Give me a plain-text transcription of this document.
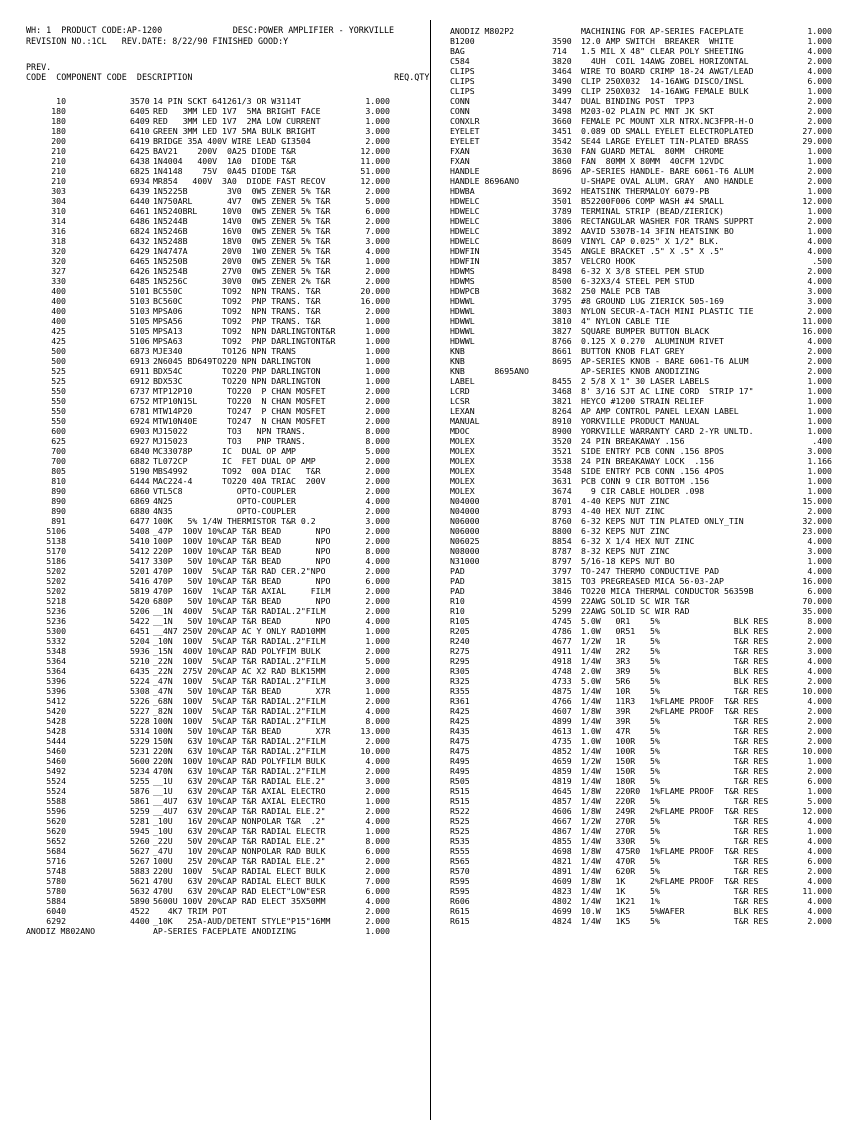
WH: 1  PRODUCT CODE:AP-1200              DESC:POWER AMPLIFIER - YORKVILLE
REVISION NO.:1CL   REV.DATE: 8/22/90 FINISHED GOOD:Y
PREV.
CODE  COMPONENT CODE  DESCRIPTION                                        REQ.QTY
10	3570 14 PIN SCKT 641261/3 OR W3114T	1.000
180	6405 RED   3MM LED 1V7  5MA BRIGHT FACE	3.000
180	6409 RED   3MM LED 1V7  2MA LOW CURRENT	1.000
180	6410 GREEN 3MM LED 1V7 5MA BULK BRIGHT	3.000
200	6419 BRIDGE 35A 400V WIRE LEAD GI3504	2.000
210	6425 BAV21    200V  0A25 DIODE T&R	12.000
210	6438 1N4004   400V  1A0  DIODE T&R	11.000
210	6825 1N4148    75V  0A45 DIODE T&R	51.000
210	6934 MR854   400V  3A0  DIODE FAST RECOV	12.000
303	6439 1N5225B        3V0  0W5 ZENER 5% T&R	2.000
304	6440 1N750ARL       4V7  0W5 ZENER 5% T&R	5.000
310	6461 1N5240BRL     10V0  0W5 ZENER 5% T&R	6.000
314	6486 1N5244B       14V0  0W5 ZENER 5% T&R	2.000
316	6824 1N5246B       16V0  0W5 ZENER 5% T&R	7.000
318	6432 1N5248B       18V0  0W5 ZENER 5% T&R	3.000
320	6429 1N4747A       20V0  1W0 ZENER 5% T&R	4.000
320	6465 1N5250B       20V0  0W5 ZENER 5% T&R	1.000
327	6426 1N5254B       27V0  0W5 ZENER 5% T&R	2.000
330	6485 1N5256C       30V0  0W5 ZENER 2% T&R	2.000
400	5101 BC550C        TO92  NPN TRANS. T&R	20.000
400	5103 BC560C        TO92  PNP TRANS. T&R	16.000
400	5103 MPSA06        TO92  NPN TRANS. T&R	2.000
400	5105 MPSA56        TO92  PNP TRANS. T&R	1.000
425	5105 MPSA13        TO92  NPN DARLINGTONT&R	1.000
425	5106 MPSA63        TO92  PNP DARLINGTONT&R	1.000
500	6873 MJE340        TO126 NPN TRANS	1.000
500	6913 2N6045 BD649TO220 NPN DARLINGTON	1.000
525	6911 BDX54C        TO220 PNP DARLINGTON	1.000
525	6912 BDX53C        TO220 NPN DARLINGTON	1.000
550	6737 MTP12P10       TO220  P CHAN MOSFET	2.000
550	6752 MTP10N15L      TO220  N CHAN MOSFET	2.000
550	6781 MTW14P20       TO247  P CHAN MOSFET	2.000
550	6924 MTW10N40E      TO247  N CHAN MOSFET	2.000
600	6903 MJ15022        TO3   NPN TRANS.	8.000
625	6927 MJ15023        TO3   PNP TRANS.	8.000
700	6840 MC33078P      IC  DUAL OP AMP	5.000
700	6882 TL072CP       IC  FET DUAL OP AMP	2.000
805	5190 MBS4992       TO92  00A DIAC   T&R	2.000
810	6444 MAC224-4      TO220 40A TRIAC  200V	2.000
890	6860 VTL5C8           OPTO-COUPLER	2.000
890	6869 4N25             OPTO-COUPLER	4.000
890	6880 4N35             OPTO-COUPLER	2.000
891	6477 100K   5% 1/4W THERMISTOR T&R 0.2	3.000
5106	5408 _47P  100V 10%CAP T&R BEAD       NPO	2.000
5138	5410 100P  100V 10%CAP T&R BEAD       NPO	2.000
5170	5412 220P  100V 10%CAP T&R BEAD       NPO	8.000
5186	5417 330P   50V 10%CAP T&R BEAD       NPO	4.000
5202	5201 470P  100V  5%CAP T&R RAD CER.2"NPO	2.000
5202	5416 470P   50V 10%CAP T&R BEAD       NPO	6.000
5202	5819 470P  160V  1%CAP T&R AXIAL     FILM	2.000
5218	5420 680P   50V 10%CAP T&R BEAD       NPO	2.000
5236	5206 __1N  400V  5%CAP T&R RADIAL.2"FILM	2.000
5236	5422 __1N   50V 10%CAP T&R BEAD       NPO	4.000
5300	6451 __4N7 250V 20%CAP AC Y ONLY RAD10MM	1.000
5332	5204 _10N  100V  5%CAP T&R RADIAL.2"FILM	1.000
5348	5936 _15N  400V 10%CAP RAD POLYFIM BULK	2.000
5364	5210 _22N  100V  5%CAP T&R RADIAL.2"FILM	5.000
5364	6435 _22N  275V 20%CAP AC X2 RAD BLK15MM	2.000
5396	5224 _47N  100V  5%CAP T&R RADIAL.2"FILM	3.000
5396	5308 _47N   50V 10%CAP T&R BEAD       X7R	1.000
5412	5226 _68N  100V  5%CAP T&R RADIAL.2"FILM	2.000
5420	5227 _82N  100V  5%CAP T&R RADIAL.2"FILM	4.000
5428	5228 100N  100V  5%CAP T&R RADIAL.2"FILM	8.000
5428	5314 100N   50V 10%CAP T&R BEAD       X7R	13.000
5444	5229 150N   63V 10%CAP T&R RADIAL.2"FILM	2.000
5460	5231 220N   63V 10%CAP T&R RADIAL.2"FILM	10.000
5460	5600 220N  100V 10%CAP RAD POLYFILM BULK	4.000
5492	5234 470N   63V 10%CAP T&R RADIAL.2"FILM	2.000
5524	5255 __1U   63V 20%CAP T&R RADIAL ELE.2"	3.000
5524	5876 __1U   63V 20%CAP T&R AXIAL ELECTRO	2.000
5588	5861 __4U7  63V 10%CAP T&R AXIAL ELECTRO	1.000
5596	5259 __4U7  63V 20%CAP T&R RADIAL ELE.2"	2.000
5620	5281 _10U   16V 20%CAP NONPOLAR T&R  .2"	4.000
5620	5945 _10U   63V 20%CAP T&R RADIAL ELECTR	1.000
5652	5260 _22U   50V 20%CAP T&R RADIAL ELE.2"	8.000
5684	5627 _47U   10V 20%CAP NONPOLAR RAD BULK	6.000
5716	5267 100U   25V 20%CAP T&R RADIAL ELE.2"	2.000
5748	5883 220U  100V  5%CAP RADIAL ELECT BULK	2.000
5780	5621 470U   63V 20%CAP RADIAL ELECT BULK	7.000
5780	5632 470U   63V 20%CAP RAD ELECT"LOW"ESR	6.000
5884	5890 5600U 100V 20%CAP RAD ELECT 35X50MM	4.000
6040	4522 4K7 TRIM POT	2.000
6292	4400 _10K   25A-AUD/DETENT STYLE"P15"16MM	2.000
ANODIZ M802ANO	AP-SERIES FACEPLATE ANODIZING	1.000
ANODIZ M802P2	MACHINING FOR AP-SERIES FACEPLATE	1.000
B1200	3590 12.0 AMP SWITCH  BREAKER  WHITE	1.000
BAG	714 1.5 MIL X 48" CLEAR POLY SHEETING	4.000
C584	3820 4UH  COIL 14AWG ZOBEL HORIZONTAL	2.000
CLIPS	3464 WIRE TO BOARD CRIMP 18-24 AWGT/LEAD	4.000
CLIPS	3490 CLIP 250X032  14-16AWG DISCO/INSL	6.000
CLIPS	3499 CLIP 250X032  14-16AWG FEMALE BULK	1.000
CONN	3447 DUAL BINDING POST  TPP3	2.000
CONN	3498 M203-02 PLAIN PC MNT JK SKT	2.000
CONXLR	3660 FEMALE PC MOUNT XLR NTRX.NC3FPR-H-O	2.000
EYELET	3451 0.089 OD SMALL EYELET ELECTROPLATED	27.000
EYELET	3542 SE44 LARGE EYELET TIN-PLATED BRASS	29.000
FXAN	3630 FAN GUARD METAL  80MM  CHROME	1.000
FXAN	3860 FAN  80MM X 80MM  40CFM 12VDC	1.000
HANDLE	8696 AP-SERIES HANDLE- BARE 6061-T6 ALUM	2.000
HANDLE 8696ANO	U-SHAPE OVAL ALUM. GRAY  ANO HANDLE	2.000
HDWBA	3692 HEATSINK THERMALOY 6079-PB	1.000
HDWELC	3501 B52200F006 COMP WASH #4 SMALL	12.000
HDWELC	3789 TERMINAL STRIP (BEAD/ZIERICK)	1.000
HDWELC	3806 RECTANGULAR WASHER FOR TRANS SUPPRT	2.000
HDWELC	3892 AAVID 5307B-14 3FIN HEATSINK BO	1.000
HDWELC	8609 VINYL CAP 0.025" X 1/2" BLK.	4.000
HDWFIN	3545 ANGLE BRACKET .5" X .5" X .5"	4.000
HDWFIN	3857 VELCRO HOOK	.500
HDWMS	8498 6-32 X 3/8 STEEL PEM STUD	2.000
HDWMS	8500 6-32X3/4 STEEL PEM STUD	4.000
HDWPCB	3682 250 MALE PCB TAB	3.000
HDWWL	3795 #8 GROUND LUG ZIERICK 505-169	3.000
HDWWL	3803 NYLON SECUR-A-TACH MINI PLASTIC TIE	2.000
HDWWL	3810 4" NYLON CABLE TIE	11.000
HDWWL	3827 SQUARE BUMPER BUTTON BLACK	16.000
HDWWL	8766 0.125 X 0.270  ALUMINUM RIVET	4.000
KNB	8661 BUTTON KNOB FLAT GREY	2.000
KNB	8695 AP-SERIES KNOB - BARE 6061-T6 ALUM	2.000
KNB      8695ANO	AP-SERIES KNOB ANODIZING	2.000
LABEL	8455 2 5/8 X 1" 30 LASER LABELS	1.000
LCRD	3468 8' 3/16 SJT AC LINE CORD  STRIP 17"	1.000
LCSR	3821 HEYCO #1200 STRAIN RELIEF	1.000
LEXAN	8264 AP AMP CONTROL PANEL LEXAN LABEL	1.000
MANUAL	8910 YORKVILLE PRODUCT MANUAL	1.000
MDOC	8900 YORKVILLE WARRANTY CARD 2-YR UNLTD.	1.000
MOLEX	3520 24 PIN BREAKAWAY .156	.400
MOLEX	3521 SIDE ENTRY PCB CONN .156 8POS	3.000
MOLEX	3538 24 PIN BREAKAWAY LOCK  .156	1.166
MOLEX	3548 SIDE ENTRY PCB CONN .156 4POS	1.000
MOLEX	3631 PCB CONN 9 CIR BOTTOM .156	1.000
MOLEX	3674 9 CIR CABLE HOLDER .098	1.000
N04000	8701 4-40 KEPS NUT ZINC	15.000
N04000	8793 4-40 HEX NUT ZINC	2.000
N06000	8760 6-32 KEPS NUT TIN PLATED ONLY_TIN	32.000
N06000	8800 6-32 KEPS NUT ZINC	23.000
N06025	8854 6-32 X 1/4 HEX NUT ZINC	4.000
N08000	8787 8-32 KEPS NUT ZINC	3.000
N31000	8797 5/16-18 KEPS NUT BO	1.000
PAD	3797 TO-247 THERMO CONDUCTIVE PAD	4.000
PAD	3815 TO3 PREGREASED MICA 56-03-2AP	16.000
PAD	3846 TO220 MICA THERMAL CONDUCTOR 56359B	6.000
R10	4599 22AWG SOLID SC WIR T&R	70.000
R10	5299 22AWG SOLID SC WIR RAD	35.000
R105	4745 5.0W   0R1    5%               BLK RES	8.000
R205	4786 1.0W   0R51   5%               BLK RES	2.000
R240	4677 1/2W   1R     5%               T&R RES	2.000
R275	4911 1/4W   2R2    5%               T&R RES	3.000
R295	4918 1/4W   3R3    5%               T&R RES	4.000
R305	4748 2.0W   3R9    5%               BLK RES	4.000
R325	4733 5.0W   5R6    5%               BLK RES	2.000
R355	4875 1/4W   10R    5%               T&R RES	10.000
R361	4766 1/4W   11R3   1%FLAME PROOF  T&R RES	4.000
R425	4607 1/8W   39R    2%FLAME PROOF  T&R RES	2.000
R425	4899 1/4W   39R    5%               T&R RES	2.000
R435	4613 1.0W   47R    5%               T&R RES	2.000
R475	4735 1.0W   100R   5%               T&R RES	2.000
R475	4852 1/4W   100R   5%               T&R RES	10.000
R495	4659 1/2W   150R   5%               T&R RES	1.000
R495	4859 1/4W   150R   5%               T&R RES	2.000
R505	4819 1/4W   180R   5%               T&R RES	6.000
R515	4645 1/8W   220R0  1%FLAME PROOF  T&R RES	1.000
R515	4857 1/4W   220R   5%               T&R RES	5.000
R522	4606 1/8W   249R   2%FLAME PROOF  T&R RES	12.000
R525	4667 1/2W   270R   5%               T&R RES	4.000
R525	4867 1/4W   270R   5%               T&R RES	1.000
R535	4855 1/4W   330R   5%               T&R RES	4.000
R555	4698 1/8W   475R0  1%FLAME PROOF  T&R RES	4.000
R565	4821 1/4W   470R   5%               T&R RES	6.000
R570	4891 1/4W   620R   5%               T&R RES	2.000
R595	4609 1/8W   1K     2%FLAME PROOF  T&R RES	4.000
R595	4823 1/4W   1K     5%               T&R RES	11.000
R606	4802 1/4W   1K21   1%               T&R RES	4.000
R615	4699 10.W   1K5    5%WAFER          BLK RES	4.000
R615	4824 1/4W   1K5    5%               T&R RES	2.000
